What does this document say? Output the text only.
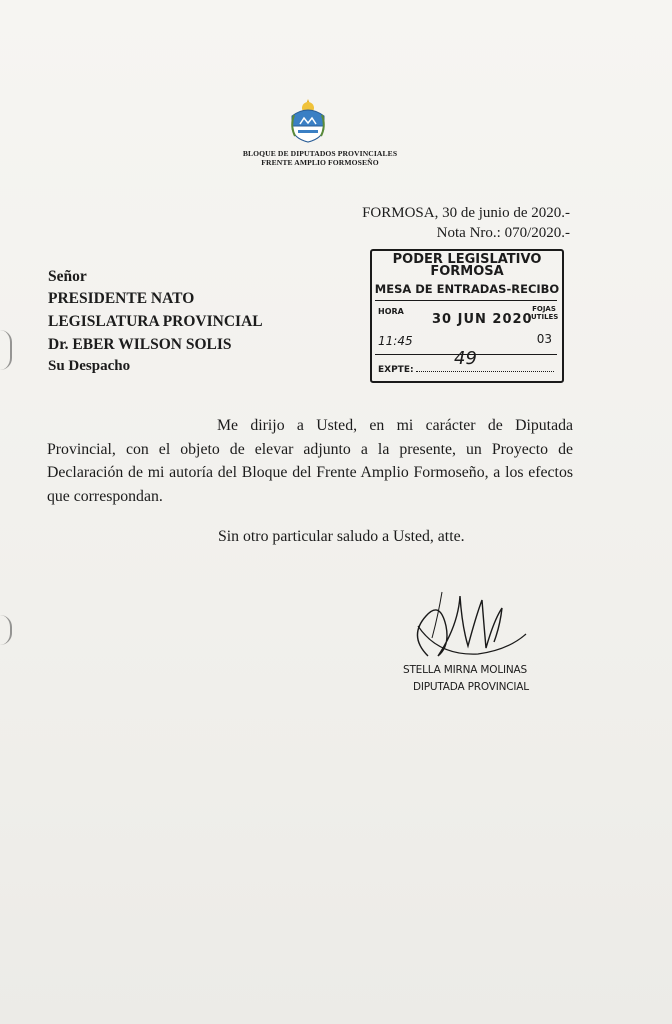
BLOQUE DE DIPUTADOS PROVINCIALES
FRENTE AMPLIO FORMOSEÑO
FORMOSA, 30 de junio de 2020.-
Nota Nro.: 070/2020.-
Señor
PRESIDENTE NATO
LEGISLATURA PROVINCIAL
Dr. EBER WILSON SOLIS
Su Despacho
PODER LEGISLATIVO
FORMOSA
MESA DE ENTRADAS-RECIBO
HORA
30 JUN 2020
FOJAS
UTILES
11:45	03
49
EXPTE:
Me dirijo a Usted, en mi carácter de Diputada Provincial, con el objeto de elevar adjunto a la presente, un Proyecto de Declaración de mi autoría del Bloque del Frente Amplio Formoseño, a los efectos que correspondan.
Sin otro particular saludo a Usted, atte.
STELLA MIRNA MOLINAS
DIPUTADA PROVINCIAL
